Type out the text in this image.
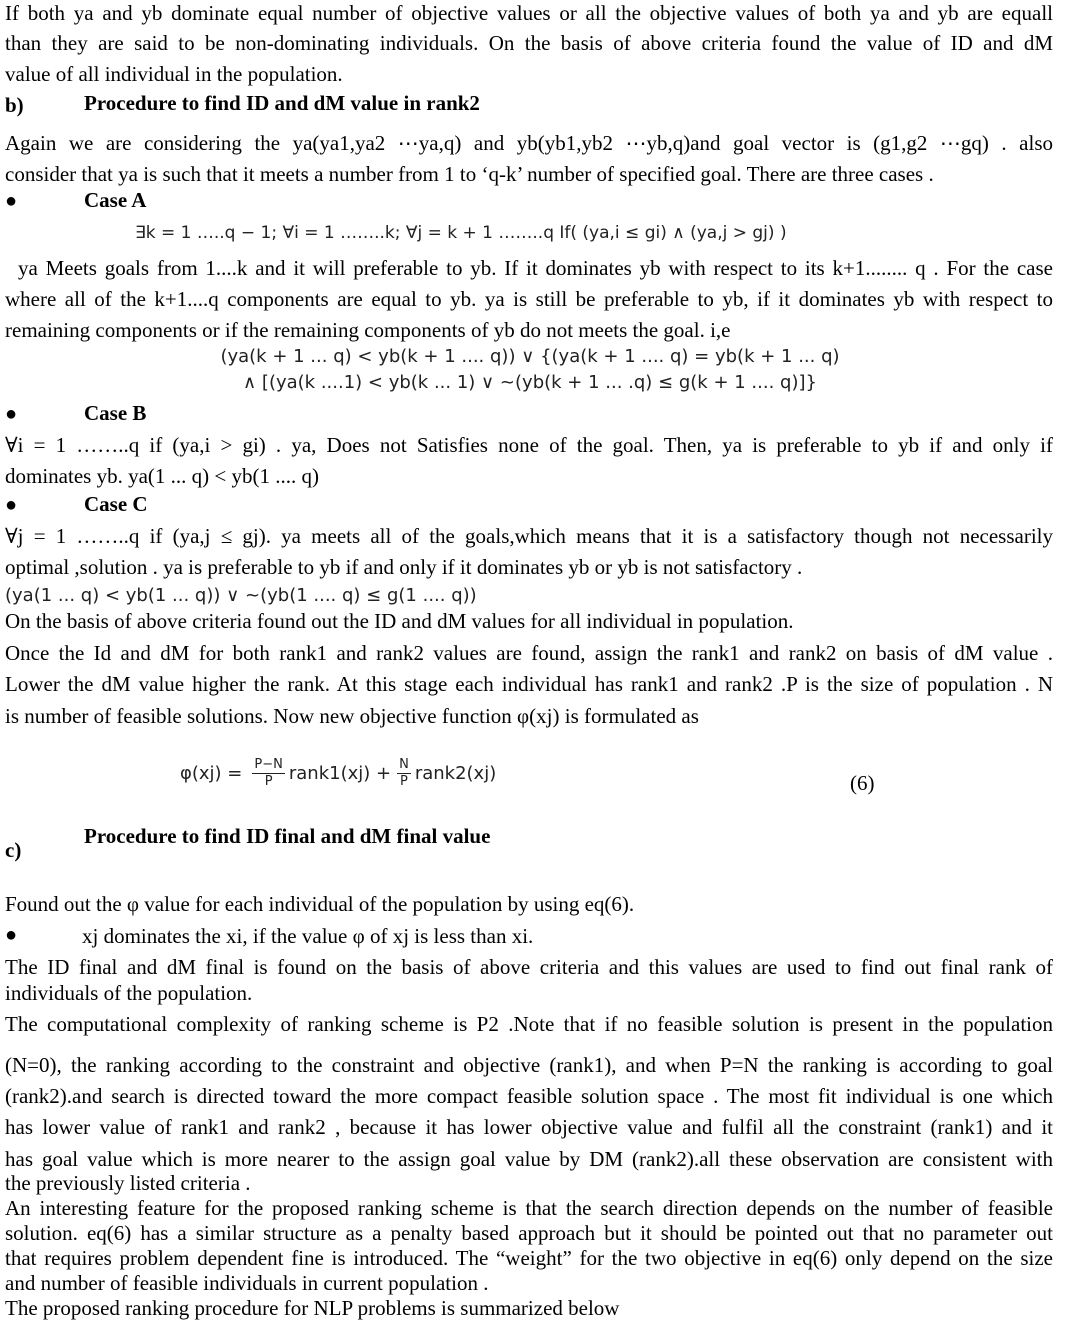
If both ya and yb dominate equal number of objective values or all the objective values of both ya and yb are equall
than they are said to be non-dominating individuals. On the basis of above criteria found the value of ID and dM
value of all individual in the population.
b)	Procedure to find ID and dM value in rank2
Again we are considering the ya(ya1,ya2 ⋯ya,q) and yb(yb1,yb2 ⋯yb,q)and goal vector is (g1,g2 ⋯gq) . also
consider that ya is such that it meets a number from 1 to ‘q-k’ number of specified goal. There are three cases .
●	Case A
∃k = 1 …..q − 1; ∀i = 1 ……..k; ∀j = k + 1 ……..q If( (ya,i ≤ gi) ∧ (ya,j > gj) )
ya Meets goals from 1....k and it will preferable to yb. If it dominates yb with respect to its k+1........ q . For the case
where all of the k+1....q components are equal to yb. ya is still be preferable to yb, if it dominates yb with respect to
remaining components or if the remaining components of yb do not meets the goal. i,e
(ya(k + 1 ... q) < yb(k + 1 .... q)) ∨ {(ya(k + 1 .... q) = yb(k + 1 ... q)
∧ [(ya(k ....1) < yb(k ... 1) ∨ ~(yb(k + 1 ... .q) ≤ g(k + 1 .... q)]}
●	Case B
∀i = 1 ……..q if (ya,i > gi) . ya, Does not Satisfies none of the goal. Then, ya is preferable to yb if and only if
dominates yb. ya(1 ... q) < yb(1 .... q)
●	Case C
∀j = 1 ……..q if (ya,j ≤ gj). ya meets all of the goals,which means that it is a satisfactory though not necessarily
optimal ,solution . ya is preferable to yb if and only if it dominates yb or yb is not satisfactory .
(ya(1 ... q) < yb(1 ... q)) ∨ ~(yb(1 .... q) ≤ g(1 .... q))
On the basis of above criteria found out the ID and dM values for all individual in population.
Once the Id and dM for both rank1 and rank2 values are found, assign the rank1 and rank2 on basis of dM value .
Lower the dM value higher the rank. At this stage each individual has rank1 and rank2 .P is the size of population . N
is number of feasible solutions. Now new objective function φ(xj) is formulated as
$\varphi(xj) = \frac{P-N}{P}$ rank1(xj) + $\frac{N}{P}$ rank2(xj)	(6)
c)
Procedure to find ID final and dM final value
Found out the φ value for each individual of the population by using eq(6).
●	xj dominates the xi, if the value φ of xj is less than xi.
The ID final and dM final is found on the basis of above criteria and this values are used to find out final rank of
individuals of the population.
The computational complexity of ranking scheme is P2 .Note that if no feasible solution is present in the population
(N=0), the ranking according to the constraint and objective (rank1), and when P=N the ranking is according to goal
(rank2).and search is directed toward the more compact feasible solution space . The most fit individual is one which
has lower value of rank1 and rank2 , because it has lower objective value and fulfil all the constraint (rank1) and it
has goal value which is more nearer to the assign goal value by DM (rank2).all these observation are consistent with
the previously listed criteria .
An interesting feature for the proposed ranking scheme is that the search direction depends on the number of feasible
solution. eq(6) has a similar structure as a penalty based approach but it should be pointed out that no parameter out
that requires problem dependent fine is introduced. The “weight” for the two objective in eq(6) only depend on the size
and number of feasible individuals in current population .
The proposed ranking procedure for NLP problems is summarized below
